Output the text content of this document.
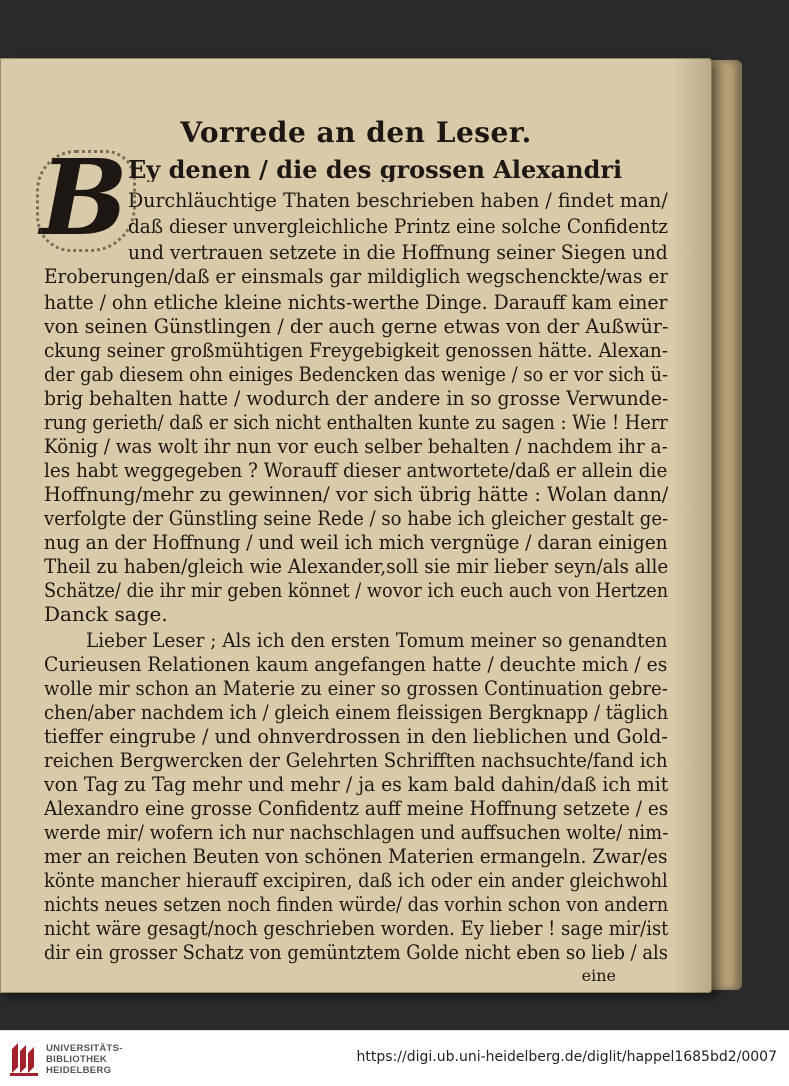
Vorrede an den Leser.
B Ey denen / die des grossen Alexandri
Durchläuchtige Thaten beschrieben haben / findet man/
daß dieser unvergleichliche Printz eine solche Confidentz
und vertrauen setzete in die Hoffnung seiner Siegen und
Eroberungen/daß er einsmals gar mildiglich wegschenckte/was er
hatte / ohn etliche kleine nichts-werthe Dinge. Darauff kam einer
von seinen Günstlingen / der auch gerne etwas von der Außwür-
ckung seiner großmühtigen Freygebigkeit genossen hätte. Alexan-
der gab diesem ohn einiges Bedencken das wenige / so er vor sich ü-
brig behalten hatte / wodurch der andere in so grosse Verwunde-
rung gerieth/ daß er sich nicht enthalten kunte zu sagen : Wie ! Herr
König / was wolt ihr nun vor euch selber behalten / nachdem ihr a-
les habt weggegeben ? Worauff dieser antwortete/daß er allein die
Hoffnung/mehr zu gewinnen/ vor sich übrig hätte : Wolan dann/
verfolgte der Günstling seine Rede / so habe ich gleicher gestalt ge-
nug an der Hoffnung / und weil ich mich vergnüge / daran einigen
Theil zu haben/gleich wie Alexander,soll sie mir lieber seyn/als alle
Schätze/ die ihr mir geben könnet / wovor ich euch auch von Hertzen
Danck sage.
Lieber Leser ; Als ich den ersten Tomum meiner so genandten
Curieusen Relationen kaum angefangen hatte / deuchte mich / es
wolle mir schon an Materie zu einer so grossen Continuation gebre-
chen/aber nachdem ich / gleich einem fleissigen Bergknapp / täglich
tieffer eingrube / und ohnverdrossen in den lieblichen und Gold-
reichen Bergwercken der Gelehrten Schrifften nachsuchte/fand ich
von Tag zu Tag mehr und mehr / ja es kam bald dahin/daß ich mit
Alexandro eine grosse Confidentz auff meine Hoffnung setzete / es
werde mir/ wofern ich nur nachschlagen und auffsuchen wolte/ nim-
mer an reichen Beuten von schönen Materien ermangeln. Zwar/es
könte mancher hierauff excipiren, daß ich oder ein ander gleichwohl
nichts neues setzen noch finden würde/ das vorhin schon von andern
nicht wäre gesagt/noch geschrieben worden. Ey lieber ! sage mir/ist
dir ein grosser Schatz von gemüntztem Golde nicht eben so lieb / als
eine
UNIVERSITÄTS-
BIBLIOTHEK
HEIDELBERG
https://digi.ub.uni-heidelberg.de/diglit/happel1685bd2/0007
